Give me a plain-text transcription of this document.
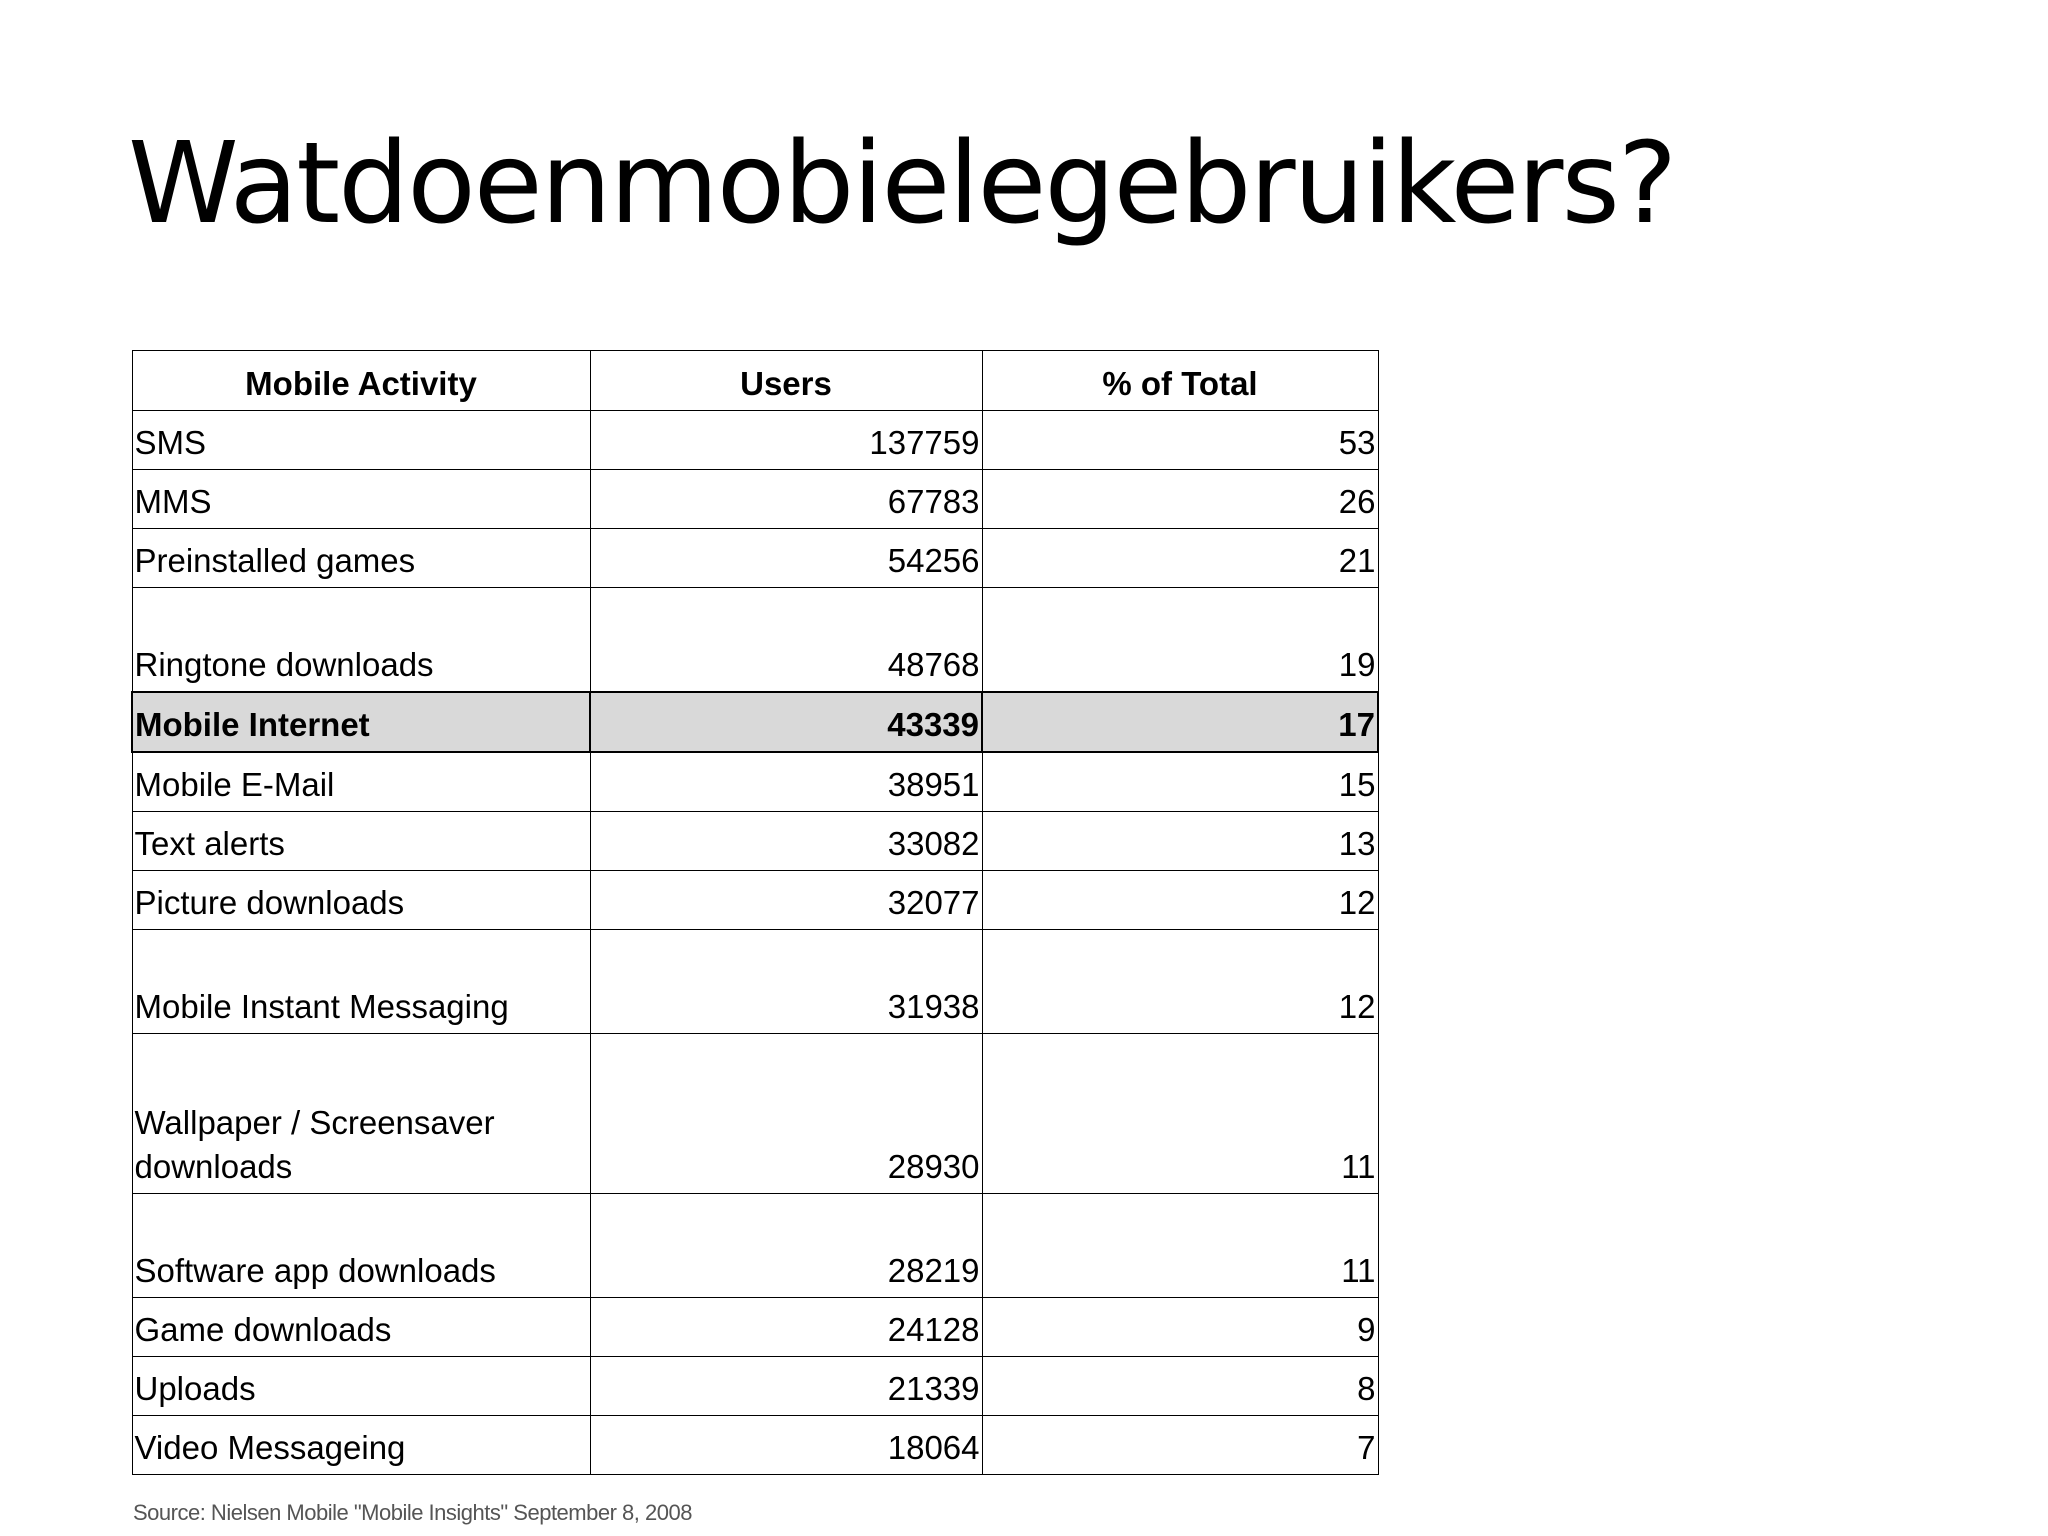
Watdoenmobielegebruikers?
Mobile Activity	Users	% of Total
SMS	137759	53
MMS	67783	26
Preinstalled games	54256	21
Ringtone downloads	48768	19
Mobile Internet	43339	17
Mobile E-Mail	38951	15
Text alerts	33082	13
Picture downloads	32077	12
Mobile Instant Messaging	31938	12
Wallpaper / Screensaver downloads	28930	11
Software app downloads	28219	11
Game downloads	24128	9
Uploads	21339	8
Video Messageing	18064	7
Source: Nielsen Mobile "Mobile Insights" September 8, 2008
